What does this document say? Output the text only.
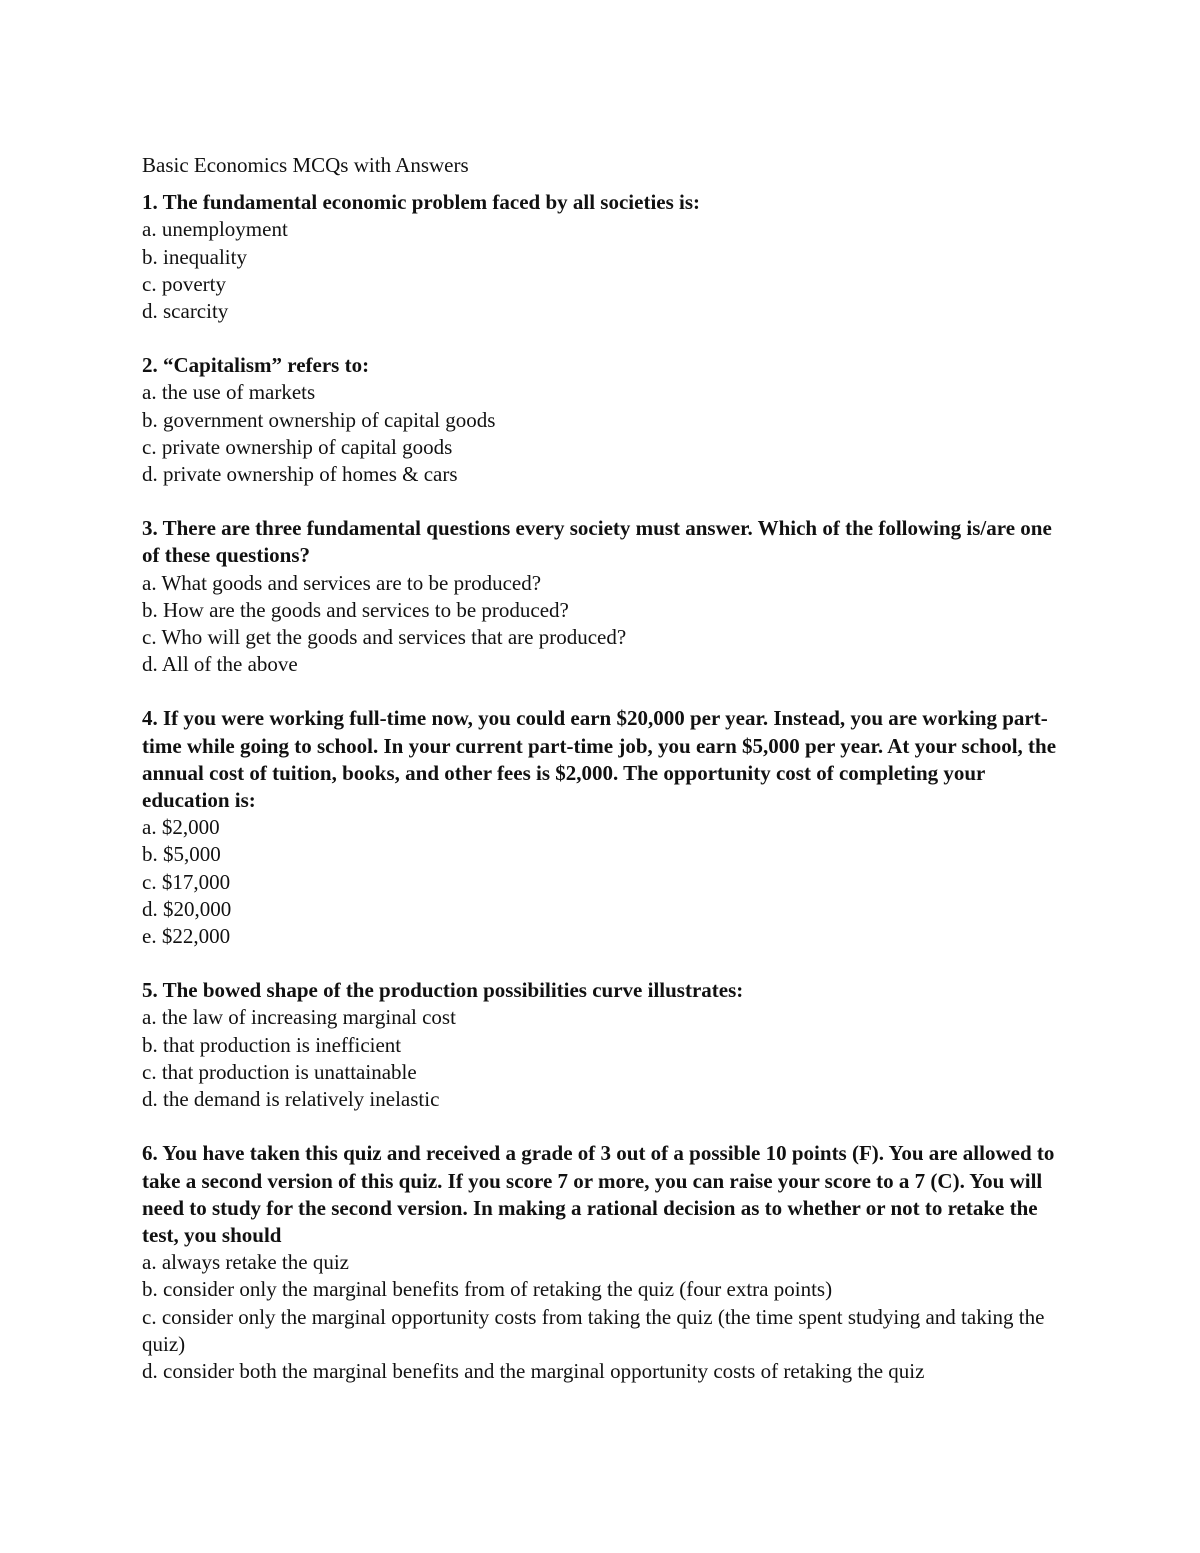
Basic Economics MCQs with Answers
1. The fundamental economic problem faced by all societies is:
a. unemployment
b. inequality
c. poverty
d. scarcity
2. “Capitalism” refers to:
a. the use of markets
b. government ownership of capital goods
c. private ownership of capital goods
d. private ownership of homes & cars
3. There are three fundamental questions every society must answer. Which of the following is/are one of these questions?
a. What goods and services are to be produced?
b. How are the goods and services to be produced?
c. Who will get the goods and services that are produced?
d. All of the above
4. If you were working full-time now, you could earn $20,000 per year. Instead, you are working part-time while going to school. In your current part-time job, you earn $5,000 per year. At your school, the annual cost of tuition, books, and other fees is $2,000. The opportunity cost of completing your education is:
a. $2,000
b. $5,000
c. $17,000
d. $20,000
e. $22,000
5. The bowed shape of the production possibilities curve illustrates:
a. the law of increasing marginal cost
b. that production is inefficient
c. that production is unattainable
d. the demand is relatively inelastic
6. You have taken this quiz and received a grade of 3 out of a possible 10 points (F). You are allowed to take a second version of this quiz. If you score 7 or more, you can raise your score to a 7 (C). You will need to study for the second version. In making a rational decision as to whether or not to retake the test, you should
a. always retake the quiz
b. consider only the marginal benefits from of retaking the quiz (four extra points)
c. consider only the marginal opportunity costs from taking the quiz (the time spent studying and taking the quiz)
d. consider both the marginal benefits and the marginal opportunity costs of retaking the quiz
